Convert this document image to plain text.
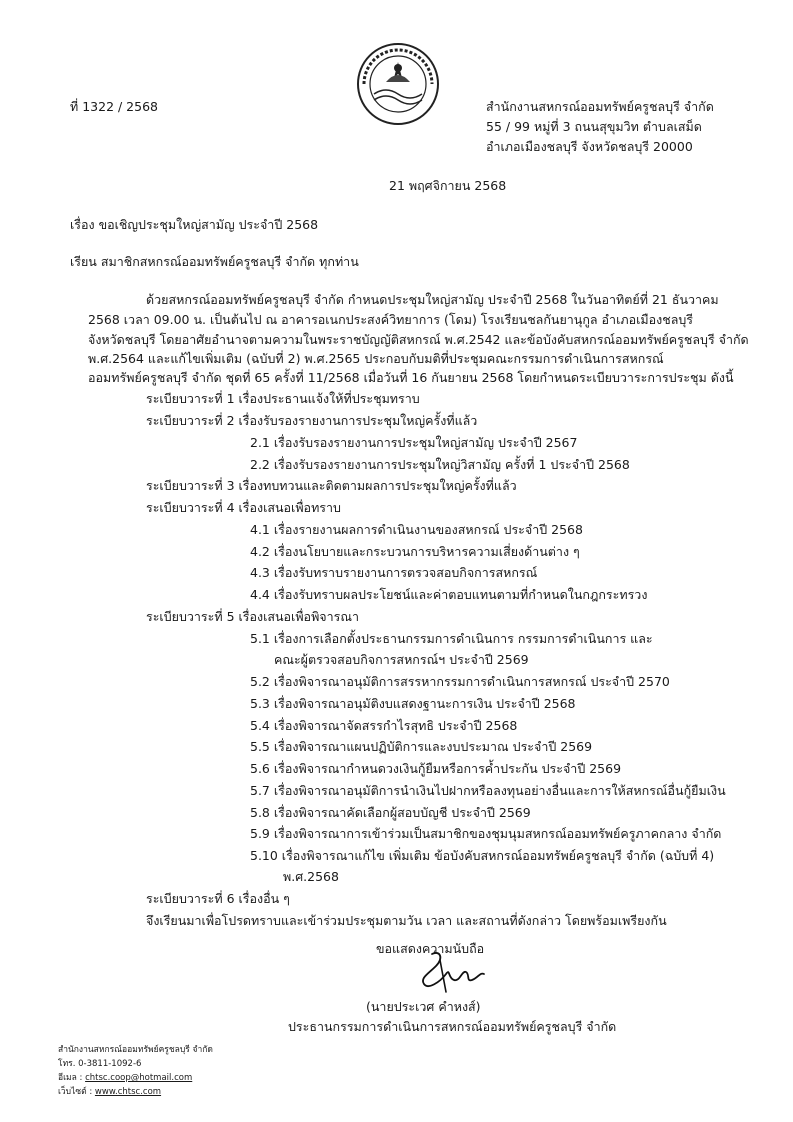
ที่ 1322 / 2568	สำนักงานสหกรณ์ออมทรัพย์ครูชลบุรี จำกัด
55 / 99 หมู่ที่ 3 ถนนสุขุมวิท ตำบลเสม็ด
อำเภอเมืองชลบุรี จังหวัดชลบุรี 20000
21 พฤศจิกายน 2568
เรื่อง ขอเชิญประชุมใหญ่สามัญ ประจำปี 2568
เรียน สมาชิกสหกรณ์ออมทรัพย์ครูชลบุรี จำกัด ทุกท่าน
ด้วยสหกรณ์ออมทรัพย์ครูชลบุรี จำกัด กำหนดประชุมใหญ่สามัญ ประจำปี 2568 ในวันอาทิตย์ที่ 21 ธันวาคม
2568 เวลา 09.00 น. เป็นต้นไป ณ อาคารอเนกประสงค์วิทยาการ (โดม) โรงเรียนชลกันยานุกูล อำเภอเมืองชลบุรี
จังหวัดชลบุรี โดยอาศัยอำนาจตามความในพระราชบัญญัติสหกรณ์ พ.ศ.2542 และข้อบังคับสหกรณ์ออมทรัพย์ครูชลบุรี จำกัด
พ.ศ.2564 และแก้ไขเพิ่มเติม (ฉบับที่ 2) พ.ศ.2565 ประกอบกับมติที่ประชุมคณะกรรมการดำเนินการสหกรณ์
ออมทรัพย์ครูชลบุรี จำกัด ชุดที่ 65 ครั้งที่ 11/2568 เมื่อวันที่ 16 กันยายน 2568 โดยกำหนดระเบียบวาระการประชุม ดังนี้
ระเบียบวาระที่ 1 เรื่องประธานแจ้งให้ที่ประชุมทราบ
ระเบียบวาระที่ 2 เรื่องรับรองรายงานการประชุมใหญ่ครั้งที่แล้ว
2.1 เรื่องรับรองรายงานการประชุมใหญ่สามัญ ประจำปี 2567
2.2 เรื่องรับรองรายงานการประชุมใหญ่วิสามัญ ครั้งที่ 1 ประจำปี 2568
ระเบียบวาระที่ 3 เรื่องทบทวนและติดตามผลการประชุมใหญ่ครั้งที่แล้ว
ระเบียบวาระที่ 4 เรื่องเสนอเพื่อทราบ
4.1 เรื่องรายงานผลการดำเนินงานของสหกรณ์ ประจำปี 2568
4.2 เรื่องนโยบายและกระบวนการบริหารความเสี่ยงด้านต่าง ๆ
4.3 เรื่องรับทราบรายงานการตรวจสอบกิจการสหกรณ์
4.4 เรื่องรับทราบผลประโยชน์และค่าตอบแทนตามที่กำหนดในกฎกระทรวง
ระเบียบวาระที่ 5 เรื่องเสนอเพื่อพิจารณา
5.1 เรื่องการเลือกตั้งประธานกรรมการดำเนินการ กรรมการดำเนินการ และ
คณะผู้ตรวจสอบกิจการสหกรณ์ฯ ประจำปี 2569
5.2 เรื่องพิจารณาอนุมัติการสรรหากรรมการดำเนินการสหกรณ์ ประจำปี 2570
5.3 เรื่องพิจารณาอนุมัติงบแสดงฐานะการเงิน ประจำปี 2568
5.4 เรื่องพิจารณาจัดสรรกำไรสุทธิ ประจำปี 2568
5.5 เรื่องพิจารณาแผนปฏิบัติการและงบประมาณ ประจำปี 2569
5.6 เรื่องพิจารณากำหนดวงเงินกู้ยืมหรือการค้ำประกัน ประจำปี 2569
5.7 เรื่องพิจารณาอนุมัติการนำเงินไปฝากหรือลงทุนอย่างอื่นและการให้สหกรณ์อื่นกู้ยืมเงิน
5.8 เรื่องพิจารณาคัดเลือกผู้สอบบัญชี ประจำปี 2569
5.9 เรื่องพิจารณาการเข้าร่วมเป็นสมาชิกของชุมนุมสหกรณ์ออมทรัพย์ครูภาคกลาง จำกัด
5.10 เรื่องพิจารณาแก้ไข เพิ่มเติม ข้อบังคับสหกรณ์ออมทรัพย์ครูชลบุรี จำกัด (ฉบับที่ 4)
พ.ศ.2568
ระเบียบวาระที่ 6 เรื่องอื่น ๆ
จึงเรียนมาเพื่อโปรดทราบและเข้าร่วมประชุมตามวัน เวลา และสถานที่ดังกล่าว โดยพร้อมเพรียงกัน
ขอแสดงความนับถือ
(นายประเวศ คำหงส์)
ประธานกรรมการดำเนินการสหกรณ์ออมทรัพย์ครูชลบุรี จำกัด
สำนักงานสหกรณ์ออมทรัพย์ครูชลบุรี จำกัด
โทร. 0-3811-1092-6
อีเมล : chtsc.coop@hotmail.com
เว็บไซต์ : www.chtsc.com
